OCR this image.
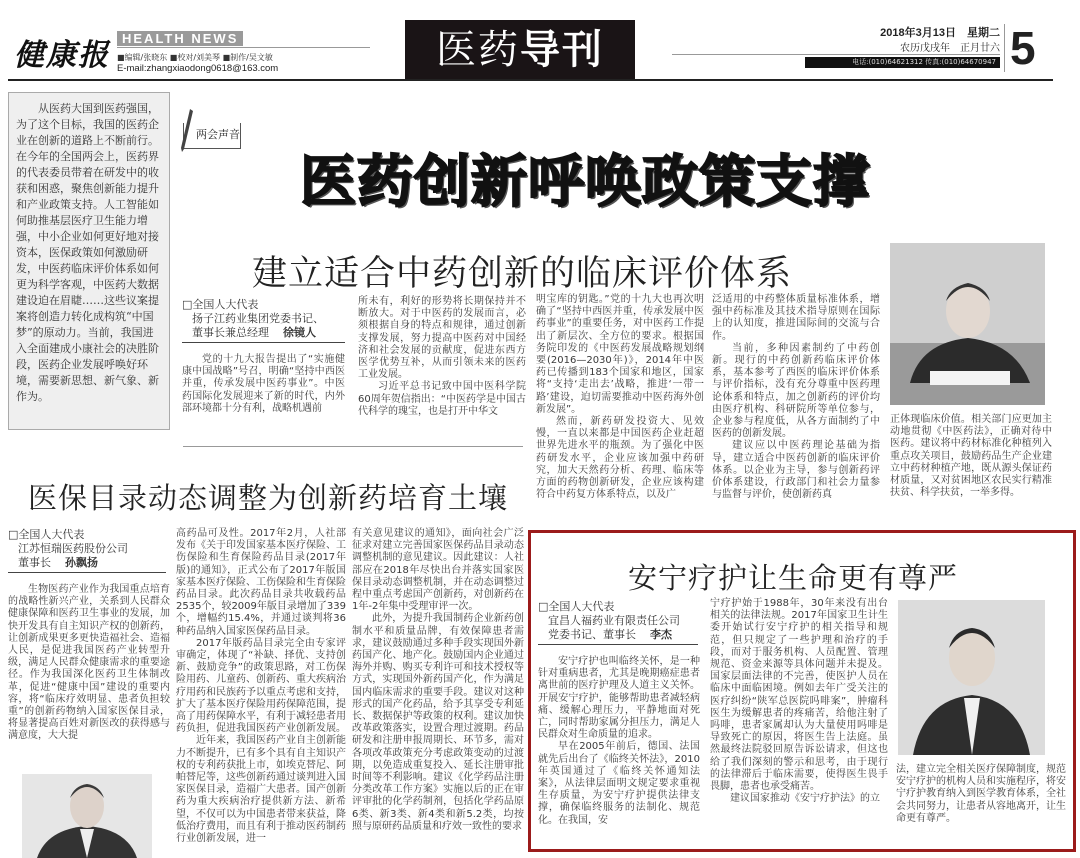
健康报 HEALTH NEWS
■编辑/张晓东 ■校对/刘美琴 ■制作/吴文敏
E-mail:zhangxiaodong0618@163.com	医药导刊	2018年3月13日　星期二
农历戊戌年　正月廿六
电话:(010)64621312 传真:(010)64670947 5
从医药大国到医药强国，为了这个目标，我国的医药企业在创新的道路上不断前行。在今年的全国两会上，医药界的代表委员带着在研发中的收获和困惑，聚焦创新能力提升和产业政策支持。人工智能如何助推基层医疗卫生能力增强，中小企业如何更好地对接资本，医保政策如何激励研发，中医药临床评价体系如何更为科学客观，中医药大数据建设迫在眉睫……这些议案提案将创造力转化成构筑“中国梦”的原动力。当前，我国进入全面建成小康社会的决胜阶段，医药企业发展呼唤好环境，需要新思想、新气象、新作为。
两会声音
医药创新呼唤政策支撑
建立适合中药创新的临床评价体系
□全国人大代表
扬子江药业集团党委书记、
董事长兼总经理 徐镜人

党的十九大报告提出了“实施健康中国战略”号召，明确“坚持中西医并重，传承发展中医药事业”。中医药国际化发展迎来了新的时代，内外部环境都十分有利，战略机遇前

所未有，利好的形势将长期保持并不断放大。对于中医药的发展而言，必须根据自身的特点和规律，通过创新支撑发展，努力提高中医药对中国经济和社会发展的贡献度，促进东西方医学优势互补，从而引领未来的医药工业发展。

习近平总书记致中国中医科学院60周年贺信指出：“中医药学是中国古代科学的瑰宝，也是打开中华文

明宝库的钥匙。”党的十九大也再次明确了“坚持中西医并重，传承发展中医药事业”的重要任务，对中医药工作提出了新层次、全方位的要求。根据国务院印发的《中医药发展战略规划纲要(2016—2030年)》，2014年中医药已传播到183个国家和地区，国家将“支持‘走出去’战略，推进‘一带一路’建设，迫切需要推动中医药海外创新发展”。

然而，新药研发投资大、见效慢，一直以来都是中国医药企业赶超世界先进水平的瓶颈。为了强化中医药研发水平，企业应该加强中药研究，加大天然药分析、药理、临床等方面的药物创新研发，企业应该构建符合中药复方体系特点，以及广

泛适用的中药整体质量标准体系，增强中药标准及其技术指导原则在国际上的认知度，推进国际间的交流与合作。

当前，多种因素制约了中药创新。现行的中药创新药临床评价体系，基本参考了西医的临床评价体系与评价指标，没有充分尊重中医药理论体系和特点，加之创新药的评价均由医疗机构、科研院所等单位参与，企业参与程度低，从各方面制约了中医药的创新发展。

建议应以中医药理论基础为指导，建立适合中医药创新的临床评价体系。以企业为主导，参与创新药评价体系建设，行政部门和社会力量参与监督与评价，使创新药真

正体现临床价值。相关部门应更加主动地贯彻《中医药法》，正确对待中医药。建议将中药材标准化种植列入重点攻关项目，鼓励药品生产企业建立中药材种植产地，既从源头保证药材质量，又对贫困地区农民实行精准扶贫、科学扶贫，一举多得。

医保目录动态调整为创新药培育土壤
□全国人大代表
江苏恒瑞医药股份公司
董事长 孙飘扬

生物医药产业作为我国重点培育的战略性新兴产业，关系到人民群众健康保障和医药卫生事业的发展，加快开发具有自主知识产权的创新药，让创新成果更多更快造福社会、造福人民，是促进我国医药产业转型升级，满足人民群众健康需求的重要途径。作为我国深化医药卫生体制改革，促进“健康中国”建设的重要内容，将“临床疗效明显、患者负担较重”的创新药物纳入国家医保目录，将显著提高百姓对新医改的获得感与满意度，大大提

高药品可及性。2017年2月，人社部发布《关于印发国家基本医疗保险、工伤保险和生育保险药品目录(2017年版)的通知》，正式公布了2017年版国家基本医疗保险、工伤保险和生育保险药品目录。此次药品目录共收载药品2535个，较2009年版目录增加了339个，增幅约15.4%，并通过谈判将36种药品纳入国家医保药品目录。

2017年版药品目录完全由专家评审确定，体现了“补缺、择优、支持创新、鼓励竞争”的政策思路，对工伤保险用药、儿童药、创新药、重大疾病治疗用药和民族药予以重点考虑和支持，扩大了基本医疗保险用药保障范围，提高了用药保障水平，有利于减轻患者用药负担，促进我国医药产业创新发展。

近年来，我国医药产业自主创新能力不断提升，已有多个具有自主知识产权的专利药获批上市，如埃克替尼、阿帕替尼等，这些创新药通过谈判进入国家医保目录，造福广大患者。国产创新药为重大疾病治疗提供新方法、新希望，不仅可以为中国患者带来获益，降低治疗费用，而且有利于推动医药制药行业创新发展，进一

有关意见建议的通知》，面向社会广泛征求对建立完善国家医保药品目录动态调整机制的意见建议。因此建议：人社部应在2018年尽快出台并落实国家医保目录动态调整机制，并在动态调整过程中重点考虑国产创新药，对创新药在1年-2年集中受理审评一次。

此外，为提升我国制药企业新药创制水平和质量品牌，有效保障患者需求，建议鼓励通过多种手段实现国外新药国产化、地产化。鼓励国内企业通过海外并购、购买专利许可和技术授权等方式，实现国外新药国产化，作为满足国内临床需求的重要手段。建议对这种形式的国产化药品，给予其享受专利延长、数据保护等政策的权利。建议加快改革政策落实，设置合理过渡期。药品研发和注册申报周期长、环节多，需对各项改革政策充分考虑政策变动的过渡期，以免造成重复投入、延长注册审批时间等不利影响。建议《化学药品注册分类改革工作方案》实施以后的正在审评审批的化学药制剂，包括化学药品原6类、新3类、新4类和新5.2类，均按照与原研药品质量和疗效一致性的要求

安宁疗护让生命更有尊严
□全国人大代表
宜昌人福药业有限责任公司
党委书记、董事长 李杰

安宁疗护也叫临终关怀，是一种针对重病患者，尤其是晚期癌症患者离世前的医疗护理及人道主义关怀。开展安宁疗护，能够帮助患者减轻病痛、缓解心理压力，平静地面对死亡，同时帮助家属分担压力，满足人民群众对生命质量的追求。

早在2005年前后，德国、法国就先后出台了《临终关怀法》，2010年英国通过了《临终关怀通知法案》，从法律层面明文规定要求重视生存质量，为安宁疗护提供法律支撑，确保临终服务的法制化、规范化。在我国，安

宁疗护始于1988年，30年来没有出台相关的法律法规。2017年国家卫生计生委开始试行安宁疗护的相关指导和规范，但只规定了一些护理和治疗的手段，而对于服务机构、人员配置、管理规范、资金来源等具体问题并未提及。国家层面法律的不完善，使医护人员在临床中面临困境。例如去年广受关注的医疗纠纷“陕军总医院吗啡案”，肿瘤科医生为缓解患者的疼痛苦，给他注射了吗啡，患者家属却认为大量使用吗啡是导致死亡的原因，将医生告上法庭。虽然最终法院驳回原告诉讼请求，但这也给了我们深刻的警示和思考，由于现行的法律滞后于临床需要，使得医生畏手畏脚，患者也承受痛苦。

建议国家推动《安宁疗护法》的立

法，建立完全相关医疗保障制度，规范安宁疗护的机构人员和实施程序，将安宁疗护教育纳入到医学教育体系，全社会共同努力，让患者从容地离开，让生命更有尊严。
